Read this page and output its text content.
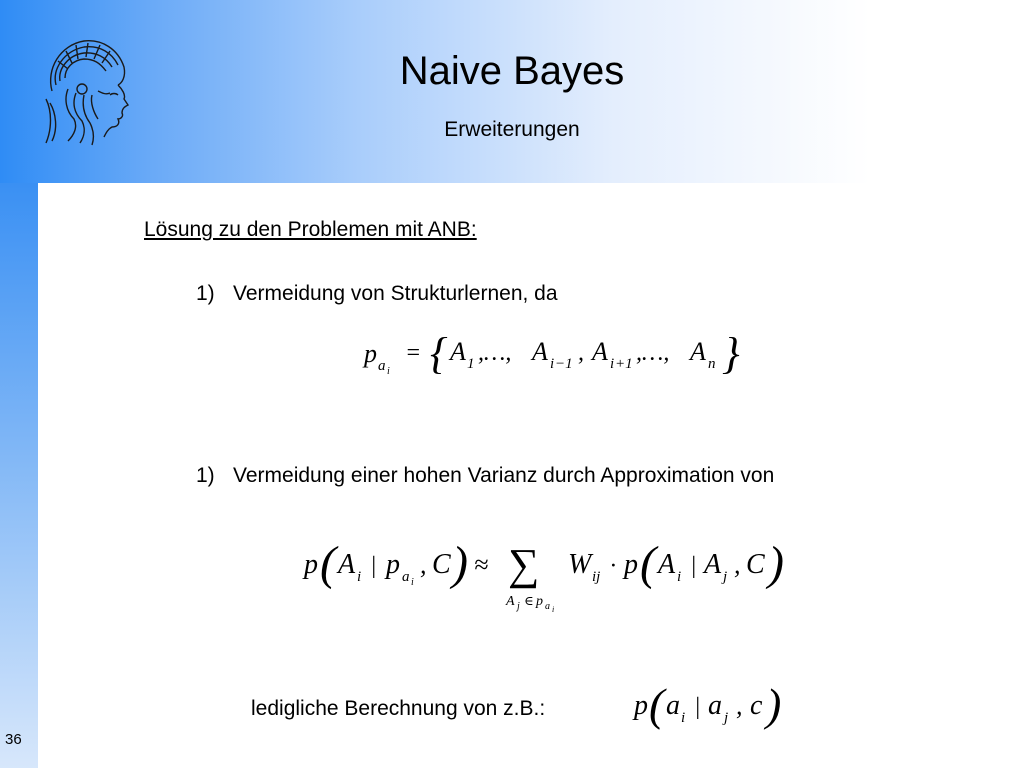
Naive Bayes
Erweiterungen
Lösung zu den Problemen mit ANB:
1) Vermeidung von Strukturlernen, da
p a i
= { A 1 ,…, A i −1 , A i +1 ,…, A n }
1) Vermeidung einer hohen Varianz durch Approximation von
p ( A i | p a i
, C ) ≈ ∑
A j ∈ p a i
W ij · p ( A i | A j , C )
ledigliche Berechnung von z.B.:	p ( a i | a j , c )
36
